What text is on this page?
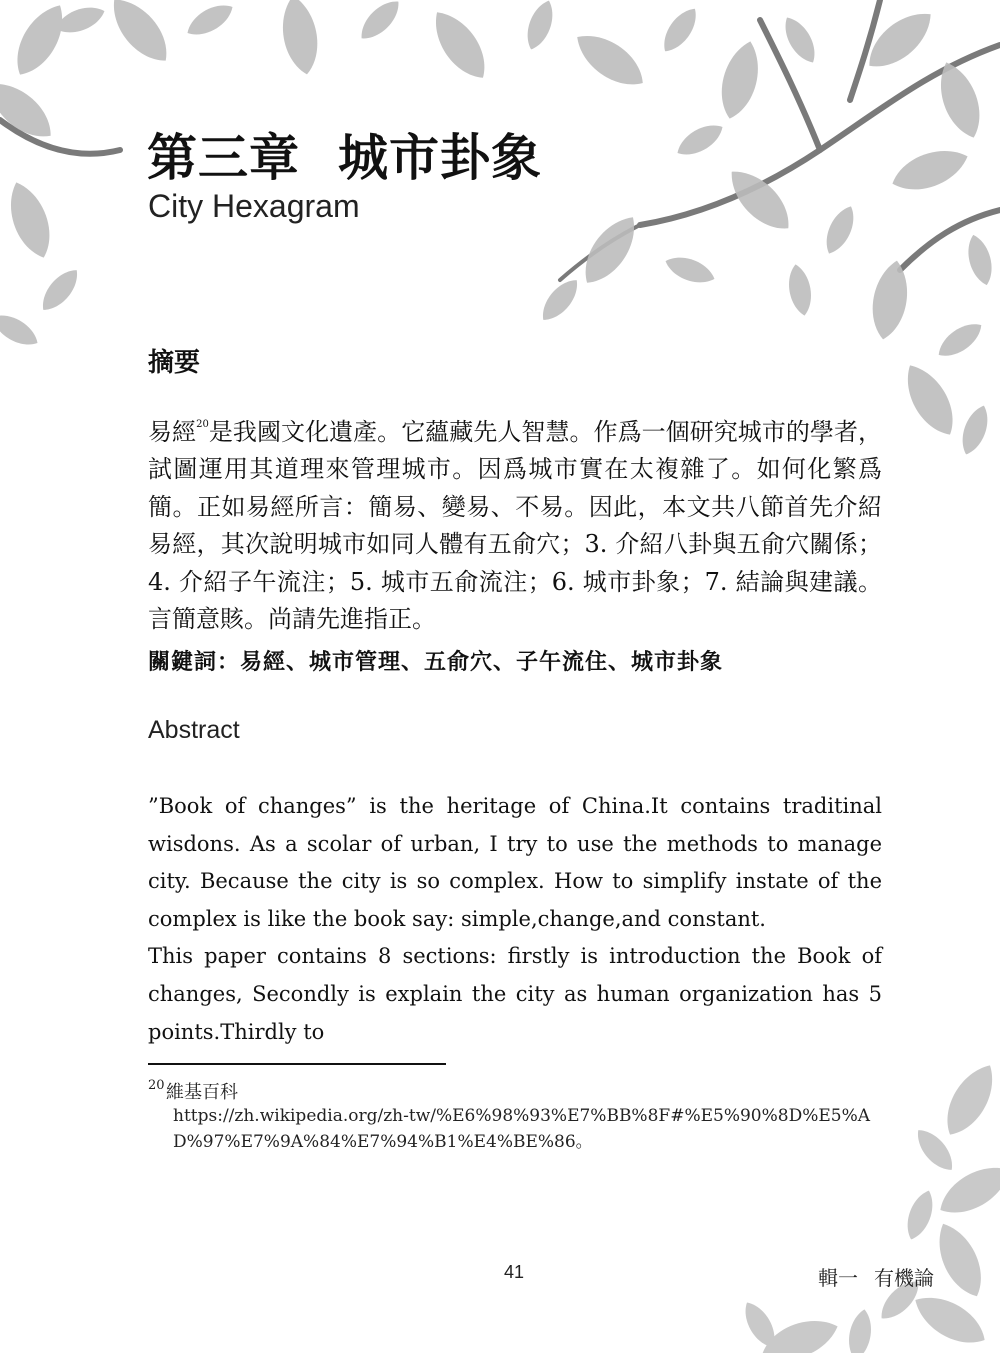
第三章 城市卦象
City Hexagram
摘要
易經$^{20}$是我國文化遺產。它蘊藏先人智慧。作爲一個研究城市的學者，試圖運用其道理來管理城市。因爲城市實在太複雜了。如何化繁爲簡。正如易經所言：簡易、變易、不易。因此，本文共八節首先介紹易經，其次說明城市如同人體有五俞穴；3. 介紹八卦與五俞穴關係；4. 介紹子午流注；5. 城市五俞流注；6. 城市卦象；7. 結論與建議。言簡意賅。尚請先進指正。
關鍵詞：易經、城市管理、五俞穴、子午流住、城市卦象
Abstract
”Book of changes” is the heritage of China.It contains traditinal wisdons. As a scolar of urban, I try to use the methods to manage city. Because the city is so complex. How to simplify instate of the complex is like the book say: simple,change,and constant.
This paper contains 8 sections: firstly is introduction the Book of changes, Secondly is explain the city as human organization has 5 points.Thirdly to
20 維基百科
https://zh.wikipedia.org/zh-tw/%E6%98%93%E7%BB%8F#%E5%90%8D%E5%AD%97%E7%9A%84%E7%94%B1%E4%BE%86。
41	輯一 有機論
